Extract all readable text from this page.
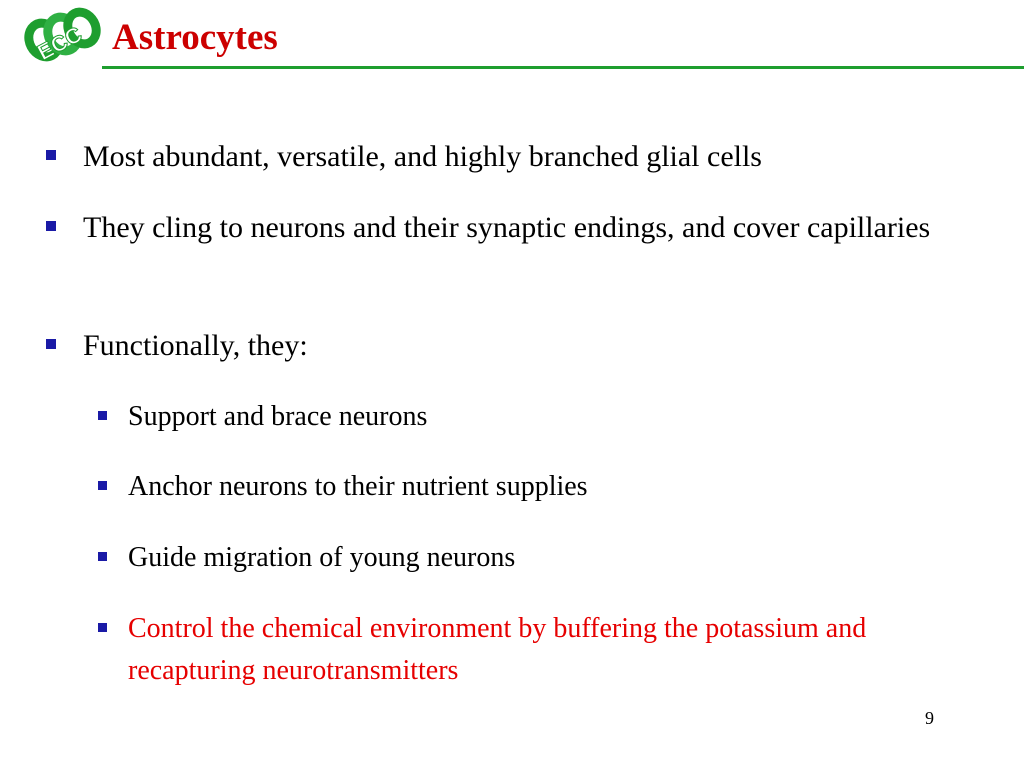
ECC Astrocytes
Most abundant, versatile, and highly branched glial cells
They cling to neurons and their synaptic endings, and cover capillaries
Functionally, they:
Support and brace neurons
Anchor neurons to their nutrient supplies
Guide migration of young neurons
Control the chemical environment by buffering the potassium and recapturing neurotransmitters
9
